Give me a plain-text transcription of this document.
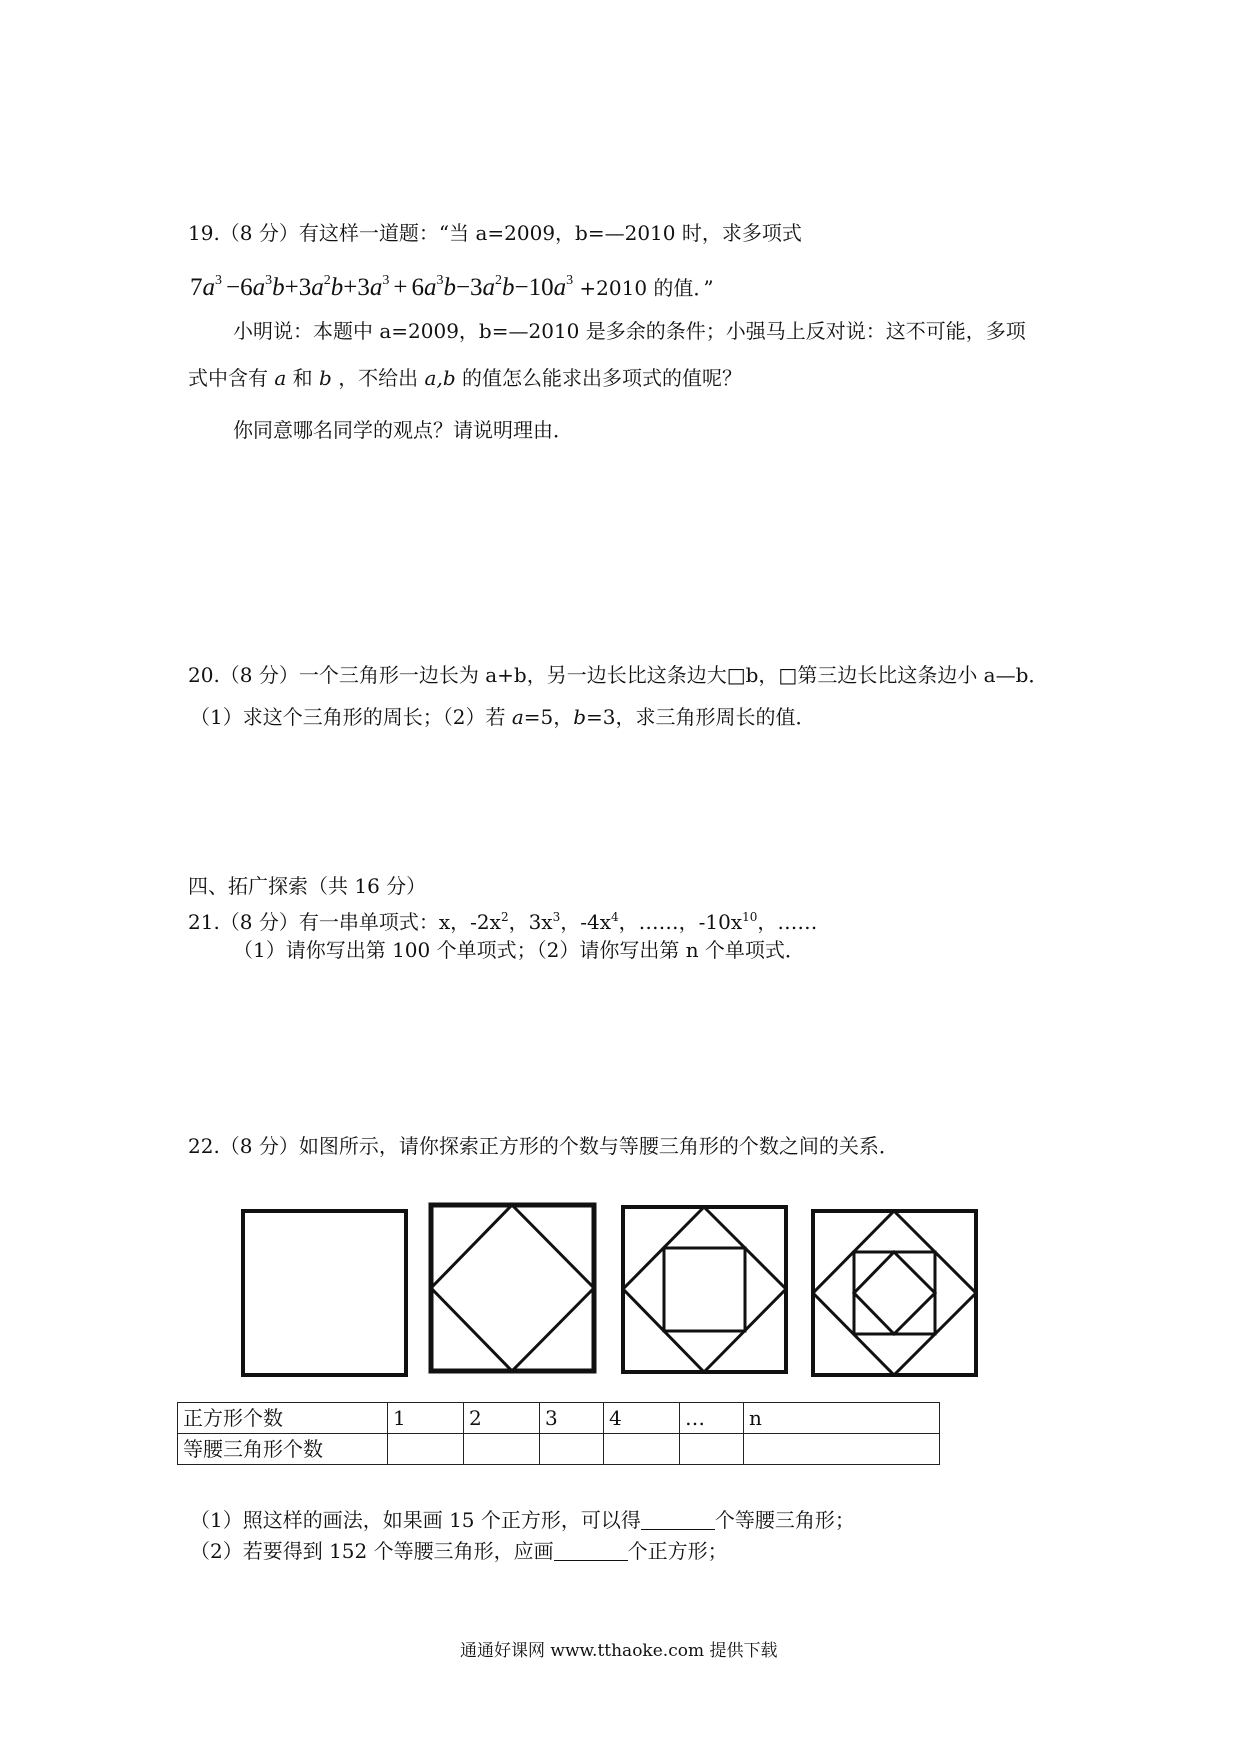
19.（8 分）有这样一道题：“当 a=2009，b=—2010 时，求多项式
$7a^3 -6a^3b+3a^2b+3a^3 + 6a^3b-3a^2b-10a^3 +2010$ 的值．”
小明说：本题中 a=2009，b=—2010 是多余的条件；小强马上反对说：这不可能，多项
式中含有 a 和 b ，不给出 a,b 的值怎么能求出多项式的值呢？
你同意哪名同学的观点？请说明理由．
20.（8 分）一个三角形一边长为 a+b，另一边长比这条边大□b，□第三边长比这条边小 a—b．
（1）求这个三角形的周长；（2）若 a=5，b=3，求三角形周长的值．
四、拓广探索（共 16 分）
21.（8 分）有一串单项式：x，$-2x^2$，$3x^3$，$-4x^4$，……，$-10x^{10}$，……
（1）请你写出第 100 个单项式；（2）请你写出第 n 个单项式．
22.（8 分）如图所示，请你探索正方形的个数与等腰三角形的个数之间的关系．
正方形个数	1	2	3	4	…	n
等腰三角形个数						
（1）照这样的画法，如果画 15 个正方形，可以得	个等腰三角形；
（2）若要得到 152 个等腰三角形，应画	个正方形；
通通好课网 www.tthaoke.com 提供下载
